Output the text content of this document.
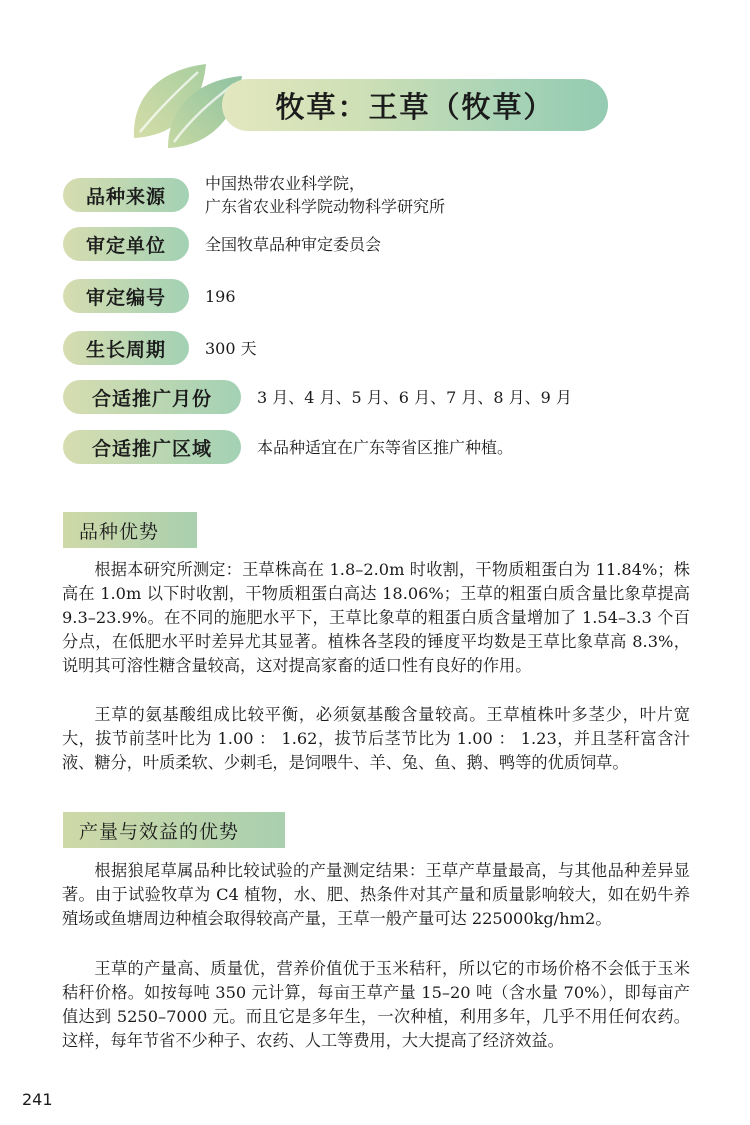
牧草：王草（牧草）
品种来源
中国热带农业科学院，
广东省农业科学院动物科学研究所
审定单位	全国牧草品种审定委员会
审定编号	196
生长周期	300 天
合适推广月份	3 月、4 月、5 月、6 月、7 月、8 月、9 月
合适推广区域	本品种适宜在广东等省区推广种植。
品种优势

根据本研究所测定：王草株高在 1.8–2.0m 时收割，干物质粗蛋白为 11.84%；株高在 1.0m 以下时收割，干物质粗蛋白高达 18.06%；王草的粗蛋白质含量比象草提高 9.3–23.9%。在不同的施肥水平下，王草比象草的粗蛋白质含量增加了 1.54–3.3 个百分点，在低肥水平时差异尤其显著。植株各茎段的锤度平均数是王草比象草高 8.3%，说明其可溶性糖含量较高，这对提高家畜的适口性有良好的作用。

王草的氨基酸组成比较平衡，必须氨基酸含量较高。王草植株叶多茎少，叶片宽大，拔节前茎叶比为 1.00 ： 1.62，拔节后茎节比为 1.00 ： 1.23，并且茎秆富含汁液、糖分，叶质柔软、少刺毛，是饲喂牛、羊、兔、鱼、鹅、鸭等的优质饲草。

产量与效益的优势

根据狼尾草属品种比较试验的产量测定结果：王草产草量最高，与其他品种差异显著。由于试验牧草为 C4 植物，水、肥、热条件对其产量和质量影响较大，如在奶牛养殖场或鱼塘周边种植会取得较高产量，王草一般产量可达 225000kg/hm2。

王草的产量高、质量优，营养价值优于玉米秸秆，所以它的市场价格不会低于玉米秸秆价格。如按每吨 350 元计算，每亩王草产量 15–20 吨（含水量 70%），即每亩产值达到 5250–7000 元。而且它是多年生，一次种植，利用多年，几乎不用任何农药。这样，每年节省不少种子、农药、人工等费用，大大提高了经济效益。

241
